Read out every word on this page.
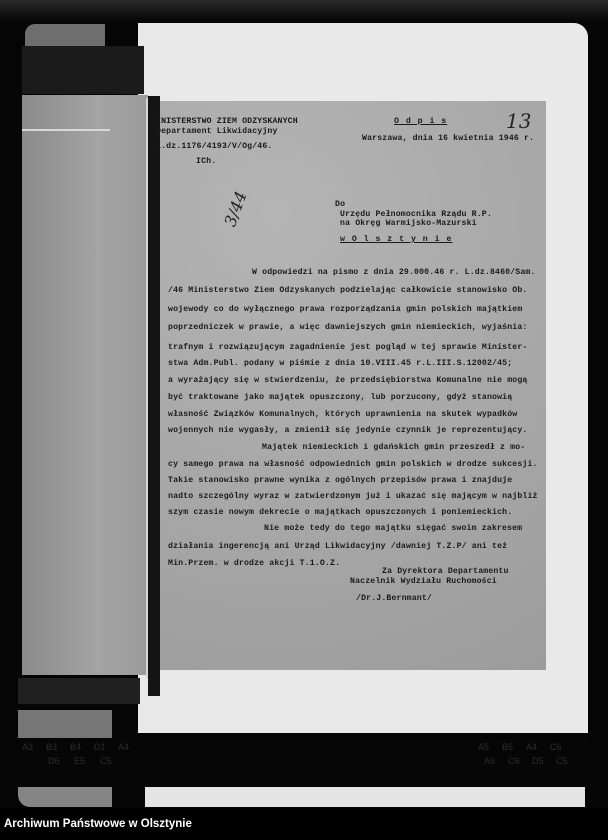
A3 B3 B4 D1 A4
D6 E5 C5
A5 B5 A4 C6
A6 C6 D5 C5
INISTERSTWO ZIEM ODZYSKANYCH
Departament Likwidacyjny
L.dz.1176/4193/V/Og/46.
ICh.
O d p i s	13
Warszawa, dnia 16 kwietnia 1946 r.
3/44	Do
Urzędu Pełnomocnika Rządu R.P.
na Okręg Warmijsko-Mazurski
w O l s z t y n i e
W odpowiedzi na pismo z dnia 29.000.46 r. L.dz.8460/Sam.
/46 Ministerstwo Ziem Odzyskanych podzielając całkowicie stanowisko Ob.
wojewody co do wyłącznego prawa rozporządzania gmin polskich majątkiem
poprzedniczek w prawie, a więc dawniejszych gmin niemieckich, wyjaśnia:
trafnym i rozwiązującym zagadnienie jest pogląd w tej sprawie Minister-
stwa Adm.Publ. podany w piśmie z dnia 10.VIII.45 r.L.III.S.12002/45;
a wyrażający się w stwierdzeniu, że przedsiębiorstwa Komunalne nie mogą
być traktowane jako majątek opuszczony, lub porzucony, gdyż stanowią
własność Związków Komunalnych, których uprawnienia na skutek wypadków
wojennych nie wygasły, a zmienił się jedynie czynnik je reprezentujący.
Majątek niemieckich i gdańskich gmin przeszedł z mo-
cy samego prawa na własność odpowiednich gmin polskich w drodze sukcesji.
Takie stanowisko prawne wynika z ogólnych przepisów prawa i znajduje
nadto szczególny wyraz w zatwierdzonym już i ukazać się mającym w najbliż
szym czasie nowym dekrecie o majątkach opuszczonych i poniemieckich.
Nie może tedy do tego majątku sięgać swoim zakresem
działania ingerencją ani Urząd Likwidacyjny /dawniej T.Z.P/ ani też
Min.Przem. w drodze akcji T.1.O.Z.
Za Dyrektora Departamentu
Naczelnik Wydziału Ruchomości
/Dr.J.Bernmant/
Archiwum Państwowe w Olsztynie
